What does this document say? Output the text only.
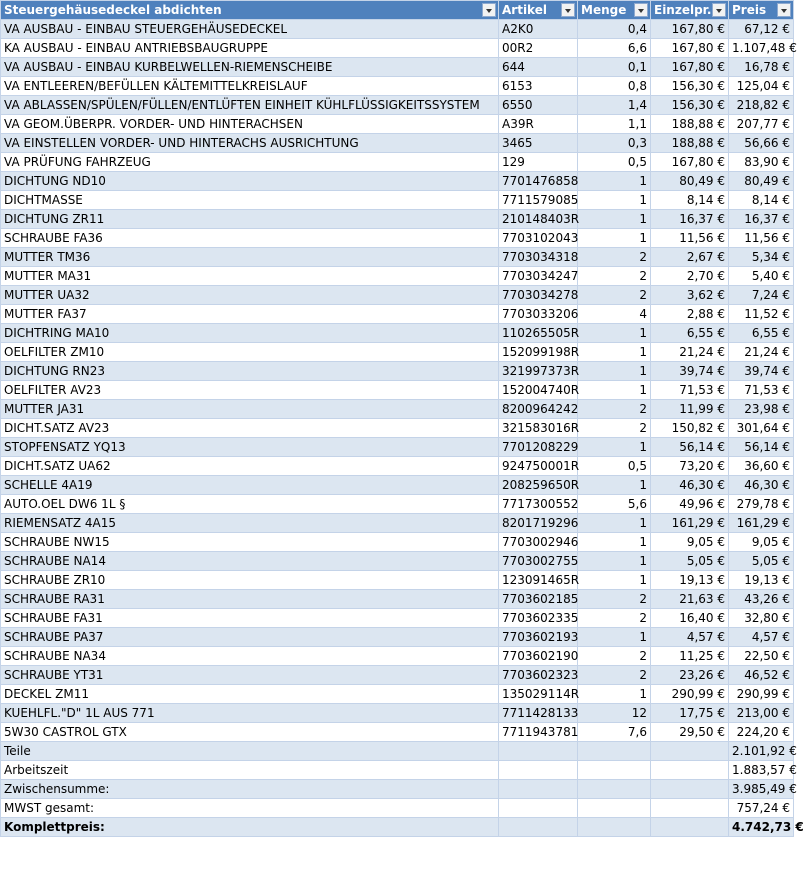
Steuergehäusedeckel abdichten	Artikel	Menge	Einzelpr.	Preis

VA AUSBAU - EINBAU STEUERGEHÄUSEDECKEL	A2K0	0,4	167,80 €	67,12 €
KA AUSBAU - EINBAU ANTRIEBSBAUGRUPPE	00R2	6,6	167,80 €	1.107,48 €
VA AUSBAU - EINBAU KURBELWELLEN-RIEMENSCHEIBE	644	0,1	167,80 €	16,78 €
VA ENTLEEREN/BEFÜLLEN KÄLTEMITTELKREISLAUF	6153	0,8	156,30 €	125,04 €
VA ABLASSEN/SPÜLEN/FÜLLEN/ENTLÜFTEN EINHEIT KÜHLFLÜSSIGKEITSSYSTEM	6550	1,4	156,30 €	218,82 €
VA GEOM.ÜBERPR. VORDER- UND HINTERACHSEN	A39R	1,1	188,88 €	207,77 €
VA EINSTELLEN VORDER- UND HINTERACHS AUSRICHTUNG	3465	0,3	188,88 €	56,66 €
VA PRÜFUNG FAHRZEUG	129	0,5	167,80 €	83,90 €
DICHTUNG ND10	7701476858	1	80,49 €	80,49 €
DICHTMASSE	7711579085	1	8,14 €	8,14 €
DICHTUNG ZR11	210148403R	1	16,37 €	16,37 €
SCHRAUBE FA36	7703102043	1	11,56 €	11,56 €
MUTTER TM36	7703034318	2	2,67 €	5,34 €
MUTTER MA31	7703034247	2	2,70 €	5,40 €
MUTTER UA32	7703034278	2	3,62 €	7,24 €
MUTTER FA37	7703033206	4	2,88 €	11,52 €
DICHTRING MA10	110265505R	1	6,55 €	6,55 €
OELFILTER ZM10	152099198R	1	21,24 €	21,24 €
DICHTUNG RN23	321997373R	1	39,74 €	39,74 €
OELFILTER AV23	152004740R	1	71,53 €	71,53 €
MUTTER JA31	8200964242	2	11,99 €	23,98 €
DICHT.SATZ AV23	321583016R	2	150,82 €	301,64 €
STOPFENSATZ YQ13	7701208229	1	56,14 €	56,14 €
DICHT.SATZ UA62	924750001R	0,5	73,20 €	36,60 €
SCHELLE 4A19	208259650R	1	46,30 €	46,30 €
AUTO.OEL DW6 1L §	7717300552	5,6	49,96 €	279,78 €
RIEMENSATZ 4A15	8201719296	1	161,29 €	161,29 €
SCHRAUBE NW15	7703002946	1	9,05 €	9,05 €
SCHRAUBE NA14	7703002755	1	5,05 €	5,05 €
SCHRAUBE ZR10	123091465R	1	19,13 €	19,13 €
SCHRAUBE RA31	7703602185	2	21,63 €	43,26 €
SCHRAUBE FA31	7703602335	2	16,40 €	32,80 €
SCHRAUBE PA37	7703602193	1	4,57 €	4,57 €
SCHRAUBE NA34	7703602190	2	11,25 €	22,50 €
SCHRAUBE YT31	7703602323	2	23,26 €	46,52 €
DECKEL ZM11	135029114R	1	290,99 €	290,99 €
KUEHLFL."D" 1L AUS 771	7711428133	12	17,75 €	213,00 €
5W30 CASTROL GTX	7711943781	7,6	29,50 €	224,20 €
Teile				2.101,92 €
Arbeitszeit				1.883,57 €
Zwischensumme:				3.985,49 €
MWST gesamt:				757,24 €
Komplettpreis:				4.742,73 €
